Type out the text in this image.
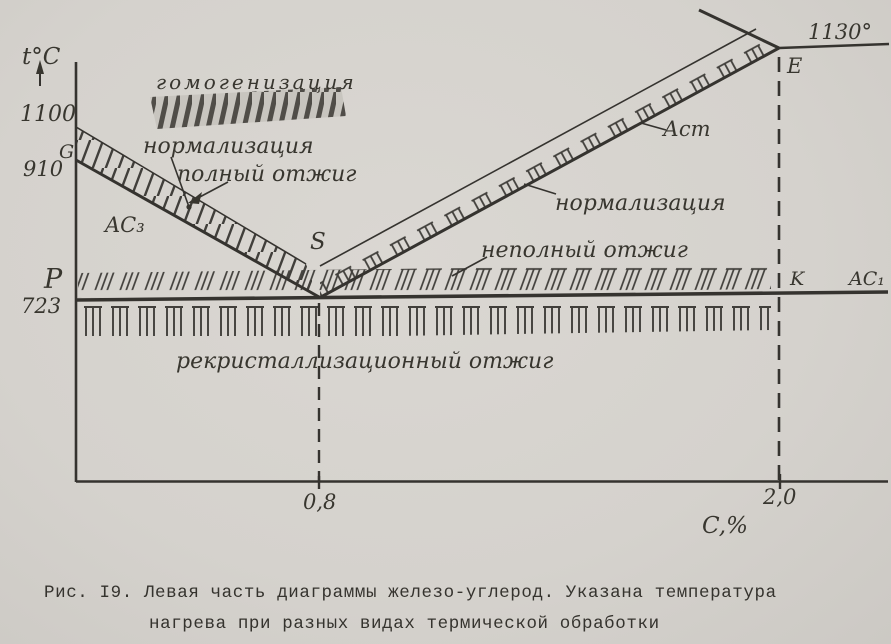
t°C
1100
G
910
P
723
0,8	2,0
C,%
AC₃
S
Аст
E
1130°
K AC₁
гомогенизация
нормализация
полный отжиг
нормализация
неполный отжиг
рекристаллизационный отжиг
Рис. I9. Левая часть диаграммы железо-углерод. Указана температура
нагрева при разных видах термической обработки
